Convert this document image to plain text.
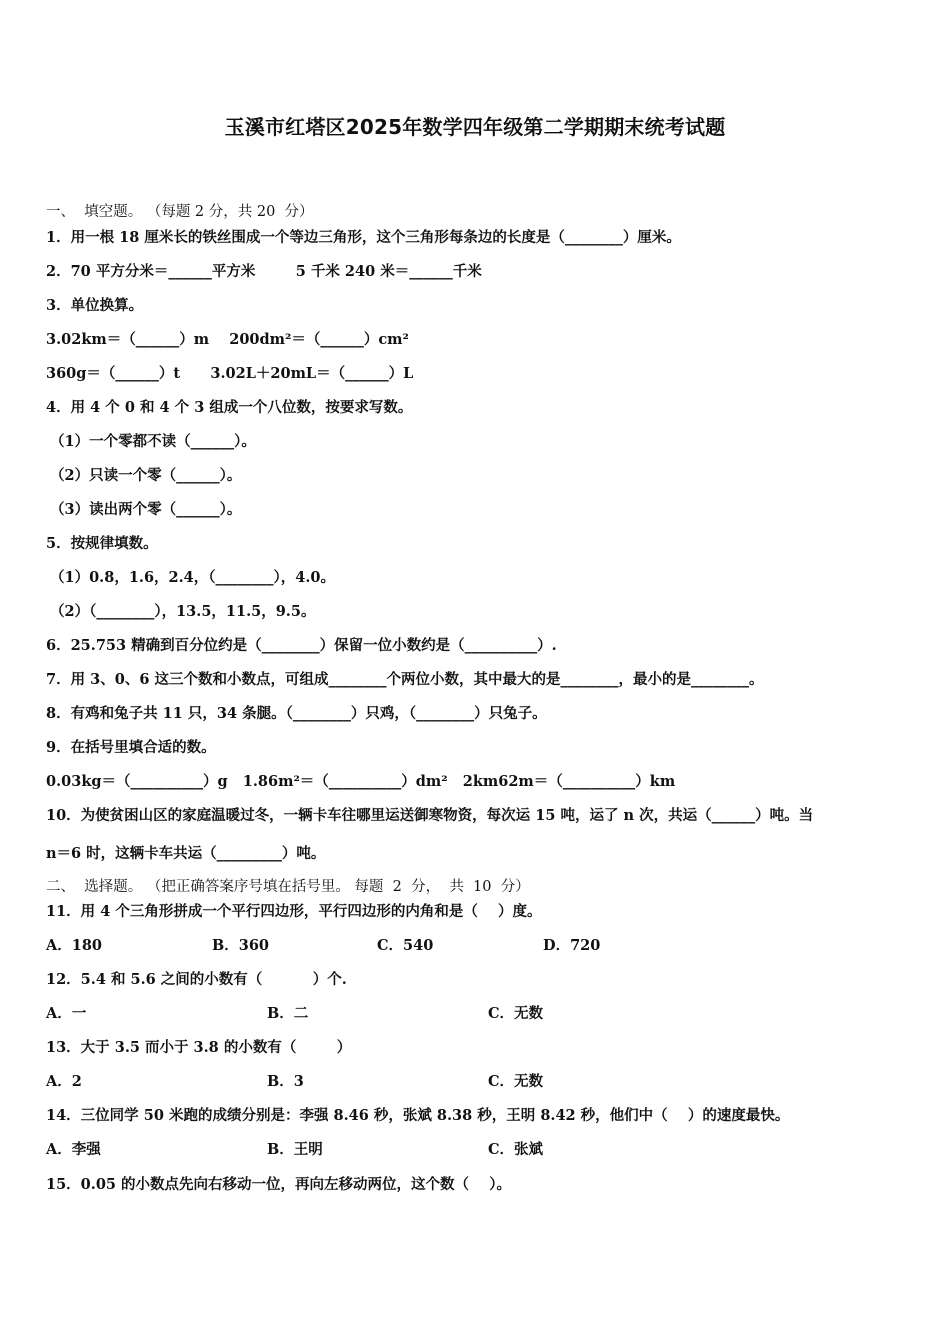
玉溪市红塔区2025年数学四年级第二学期期末统考试题
一、  填空题。 （每题 2 分，共 20  分）
1．用一根 18 厘米长的铁丝围成一个等边三角形，这个三角形每条边的长度是（________）厘米。
2．70 平方分米＝______平方米        5 千米 240 米＝______千米
3．单位换算。
3.02km＝（______）m    200dm²＝（______）cm²
360g＝（______）t      3.02L＋20mL＝（______）L
4．用 4 个 0 和 4 个 3 组成一个八位数，按要求写数。
（1）一个零都不读（______）。
（2）只读一个零（______）。
（3）读出两个零（______）。
5．按规律填数。
（1）0.8，1.6，2.4，（________），4.0。
（2）（________），13.5，11.5，9.5。
6．25.753 精确到百分位约是（________）保留一位小数约是（__________）.
7．用 3、0、6 这三个数和小数点，可组成________个两位小数，其中最大的是________，最小的是________。
8．有鸡和兔子共 11 只，34 条腿。（________）只鸡，（________）只兔子。
9．在括号里填合适的数。
0.03kg＝（__________）g   1.86m²＝（__________）dm²   2km62m＝（__________）km
10．为使贫困山区的家庭温暖过冬，一辆卡车往哪里运送御寒物资，每次运 15 吨，运了 n 次，共运（______）吨。当
n＝6 时，这辆卡车共运（_________）吨。
二、  选择题。 （把正确答案序号填在括号里。 每题  2  分，  共  10  分）
11．用 4 个三角形拼成一个平行四边形，平行四边形的内角和是（    ）度。
A．180	B．360	C．540	D．720
12．5.4 和 5.6 之间的小数有（          ）个.
A．一	B．二	C．无数
13．大于 3.5 而小于 3.8 的小数有（        ）
A．2	B．3	C．无数
14．三位同学 50 米跑的成绩分别是：李强 8.46 秒，张斌 8.38 秒，王明 8.42 秒，他们中（    ）的速度最快。
A．李强	B．王明	C．张斌
15．0.05 的小数点先向右移动一位，再向左移动两位，这个数（    ）。
